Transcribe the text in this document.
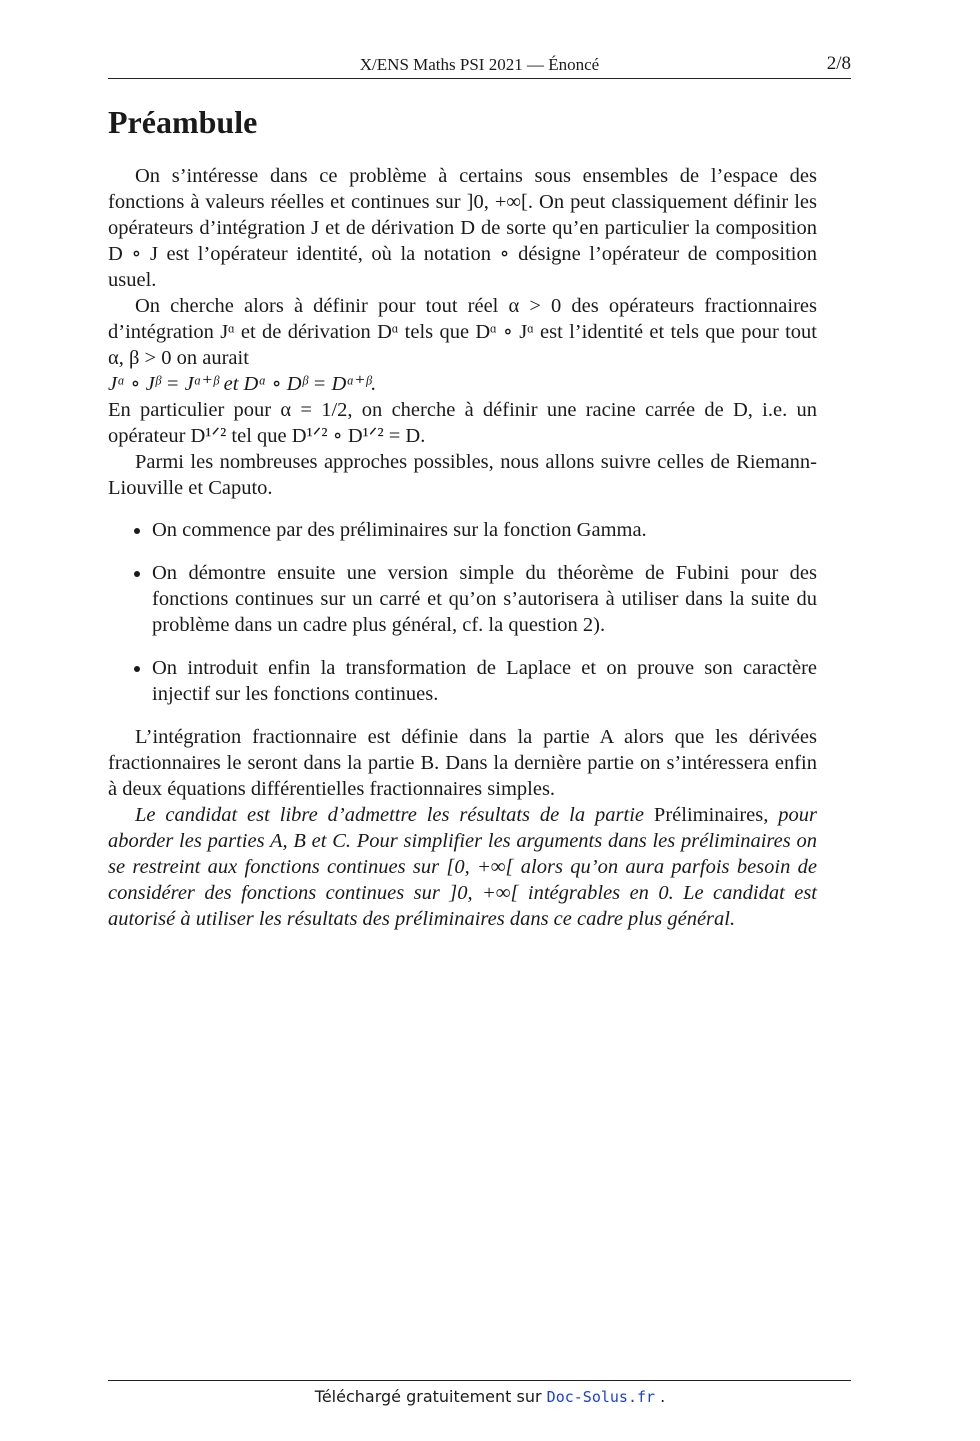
X/ENS Maths PSI 2021 — Énoncé	2/8
Préambule

On s’intéresse dans ce problème à certains sous ensembles de l’espace des fonctions à valeurs réelles et continues sur ]0, +∞[. On peut classiquement définir les opérateurs d’intégration J et de dérivation D de sorte qu’en particulier la composition D ∘ J est l’opérateur identité, où la notation ∘ désigne l’opérateur de composition usuel.

On cherche alors à définir pour tout réel α > 0 des opérateurs fractionnaires d’intégration Jᵅ et de dérivation Dᵅ tels que Dᵅ ∘ Jᵅ est l’identité et tels que pour tout α, β > 0 on aurait

Jᵅ ∘ Jᵝ = Jᵅ⁺ᵝ et Dᵅ ∘ Dᵝ = Dᵅ⁺ᵝ.

En particulier pour α = 1/2, on cherche à définir une racine carrée de D, i.e. un opérateur D¹ᐟ² tel que D¹ᐟ² ∘ D¹ᐟ² = D.

Parmi les nombreuses approches possibles, nous allons suivre celles de Riemann-Liouville et Caputo.

• On commence par des préliminaires sur la fonction Gamma.
• On démontre ensuite une version simple du théorème de Fubini pour des fonctions continues sur un carré et qu’on s’autorisera à utiliser dans la suite du problème dans un cadre plus général, cf. la question 2).
• On introduit enfin la transformation de Laplace et on prouve son caractère injectif sur les fonctions continues.

L’intégration fractionnaire est définie dans la partie A alors que les dérivées fractionnaires le seront dans la partie B. Dans la dernière partie on s’intéressera enfin à deux équations différentielles fractionnaires simples.

Le candidat est libre d’admettre les résultats de la partie Préliminaires, pour aborder les parties A, B et C. Pour simplifier les arguments dans les préliminaires on se restreint aux fonctions continues sur [0, +∞[ alors qu’on aura parfois besoin de considérer des fonctions continues sur ]0, +∞[ intégrables en 0. Le candidat est autorisé à utiliser les résultats des préliminaires dans ce cadre plus général.

Téléchargé gratuitement sur Doc-Solus.fr .
